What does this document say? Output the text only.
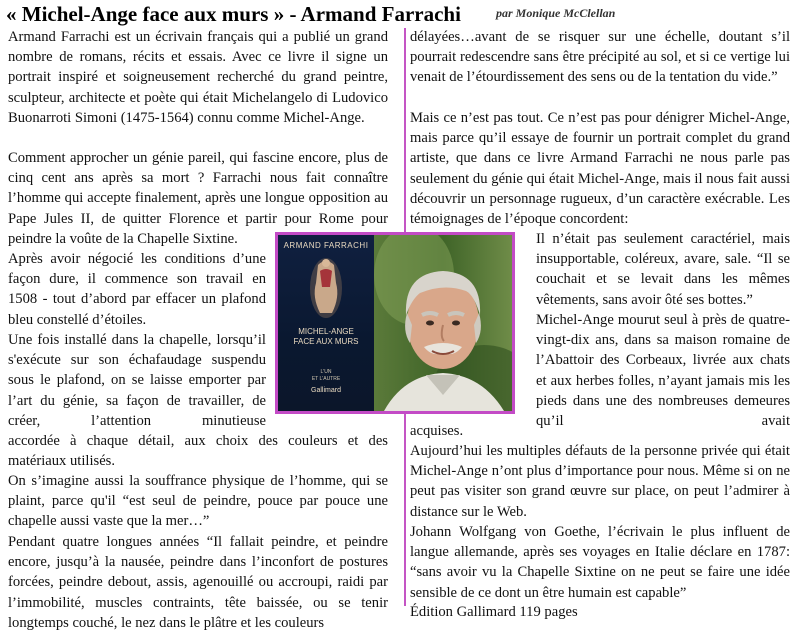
« Michel-Ange face aux murs » - Armand Farrachi	par Monique McClellan

Armand Farrachi est un écrivain français qui a publié un grand nombre de romans, récits et essais. Avec ce livre il signe un portrait inspiré et soigneusement recherché du grand peintre, sculpteur, architecte et poète qui était Michelangelo di Ludovico Buonarroti Simoni (1475-1564) connu comme Michel-Ange.

Comment approcher un génie pareil, qui fascine encore, plus de cinq cent ans après sa mort ? Farrachi nous fait connaître l’homme qui accepte finalement, après une longue opposition au Pape Jules II, de quitter Florence et partir pour Rome pour peindre la voûte de la Chapelle Sixtine.

Après avoir négocié les conditions d’une façon dure, il commence son travail en 1508 - tout d’abord par effacer un plafond bleu constellé d’étoiles.

Une fois installé dans la chapelle, lorsqu’il s'exécute sur son échafaudage suspendu sous le plafond, on se laisse emporter par l’art du génie, sa façon de travailler, de créer, l’attention minutieuse

accordée à chaque détail, aux choix des couleurs et des matériaux utilisés.

On s’imagine aussi la souffrance physique de l’homme, qui se plaint, parce qu'il “est seul de peindre, pouce par pouce une chapelle aussi vaste que la mer…”

Pendant quatre longues années “Il fallait peindre, et peindre encore, jusqu’à la nausée, peindre dans l’inconfort de postures forcées, peindre debout, assis, agenouillé ou accroupi, raidi par l’immobilité, muscles contraints, tête baissée, ou se tenir longtemps couché, le nez dans le plâtre et les couleurs

délayées…avant de se risquer sur une échelle, doutant s’il pourrait redescendre sans être précipité au sol, et si ce vertige lui venait de l’étourdissement des sens ou de la tentation du vide.”

Mais ce n’est pas tout. Ce n’est pas pour dénigrer Michel-Ange, mais parce qu’il essaye de fournir un portrait complet du grand artiste, que dans ce livre Armand Farrachi ne nous parle pas seulement du génie qui était Michel-Ange, mais il nous fait aussi découvrir un personnage rugueux, d’un caractère exécrable. Les témoignages de l’époque concordent:

Il n’était pas seulement caractériel, mais insupportable, coléreux, avare, sale. “Il se couchait et se levait dans les mêmes vêtements, sans avoir ôté ses bottes.”

Michel-Ange mourut seul à près de quatre-vingt-dix ans, dans sa maison romaine de l’Abattoir des Corbeaux, livrée aux chats et aux herbes folles, n’ayant jamais mis les pieds dans une des nombreuses demeures qu’il avait

acquises.

Aujourd’hui les multiples défauts de la personne privée qui était Michel-Ange n’ont plus d’importance pour nous. Même si on ne peut pas visiter son grand œuvre sur place, on peut l’admirer à distance sur le Web.

Johann Wolfgang von Goethe, l’écrivain le plus influent de langue allemande, après ses voyages en Italie déclare en 1787: “sans avoir vu la Chapelle Sixtine on ne peut se faire une idée sensible de ce dont un être humain est capable”

Édition Gallimard 119 pages

ARMAND FARRACHI
MICHEL-ANGE
FACE AUX MURS
L'UN
ET L'AUTRE
Gallimard
